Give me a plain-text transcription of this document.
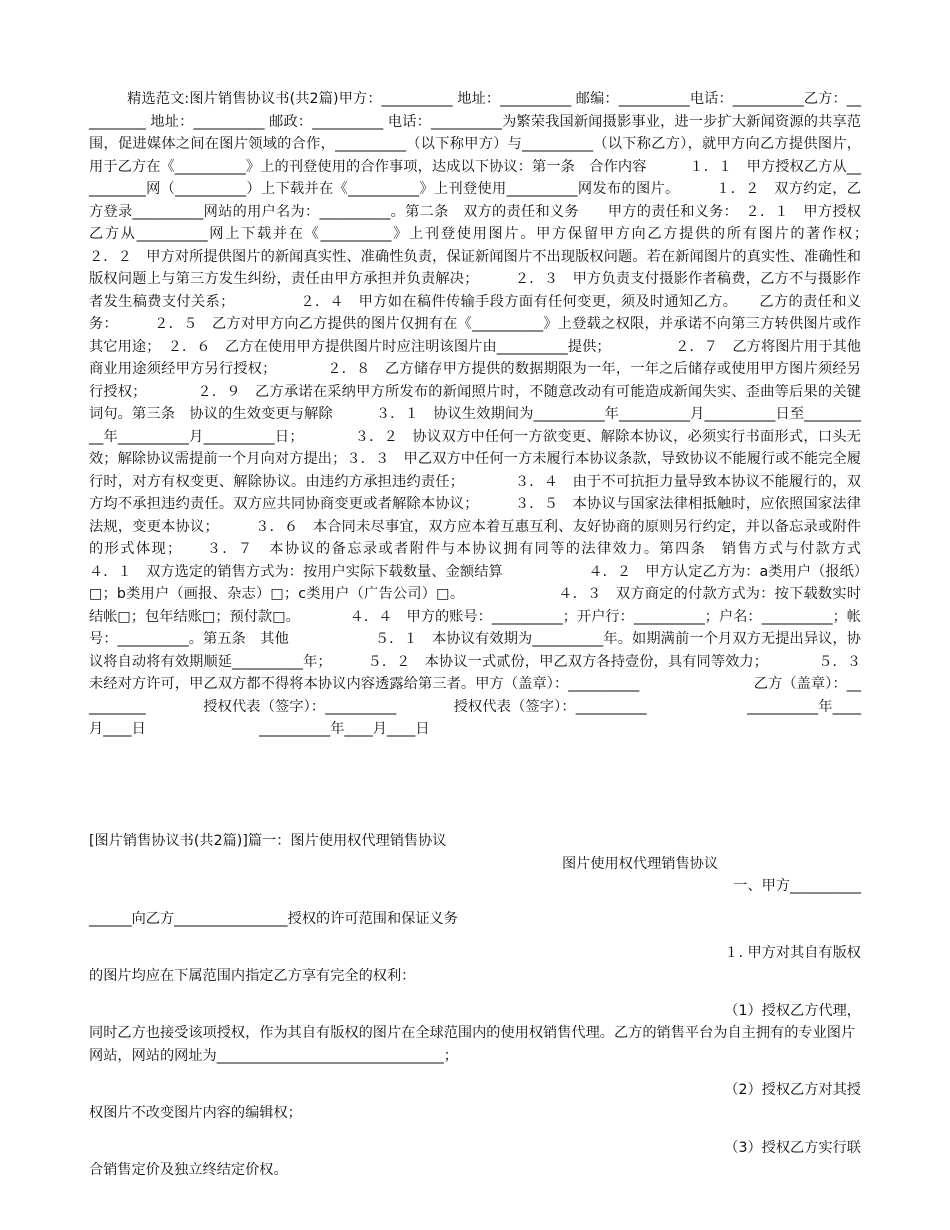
精选范文:图片销售协议书(共2篇)甲方：__________ 地址：__________ 邮编：__________电话：__________乙方：__________ 地址：__________ 邮政：__________ 电话：__________为繁荣我国新闻摄影事业，进一步扩大新闻资源的共享范围，促进媒体之间在图片领域的合作，__________（以下称甲方）与__________（以下称乙方），就甲方向乙方提供图片，用于乙方在《__________》上的刊登使用的合作事项，达成以下协议：第一条　合作内容　　　１．１　甲方授权乙方从__________网（__________）上下载并在《__________》上刊登使用__________网发布的图片。　　　１．２　双方约定，乙方登录__________网站的用户名为：__________。第二条　双方的责任和义务　　甲方的责任和义务：　２．１　甲方授权乙方从__________网上下载并在《__________》上刊登使用图片。甲方保留甲方向乙方提供的所有图片的著作权；　　　２．２　甲方对所提供图片的新闻真实性、准确性负责，保证新闻图片不出现版权问题。若在新闻图片的真实性、准确性和版权问题上与第三方发生纠纷，责任由甲方承担并负责解决；　　　２．３　甲方负责支付摄影作者稿费，乙方不与摄影作者发生稿费支付关系；　　　　　２．４　甲方如在稿件传输手段方面有任何变更，须及时通知乙方。　　乙方的责任和义务：　　　２．５　乙方对甲方向乙方提供的图片仅拥有在《__________》上登载之权限，并承诺不向第三方转供图片或作其它用途；　２．６　乙方在使用甲方提供图片时应注明该图片由__________提供；　　　　　２．７　乙方将图片用于其他商业用途须经甲方另行授权；　　　　２．８　乙方储存甲方提供的数据期限为一年，一年之后储存或使用甲方图片须经另行授权；　　　　２．９　乙方承诺在采纳甲方所发布的新闻照片时，不随意改动有可能造成新闻失实、歪曲等后果的关键词句。第三条　协议的生效变更与解除　　　３．１　协议生效期间为__________年__________月__________日至__________年__________月__________日；　　　　３．２　协议双方中任何一方欲变更、解除本协议，必须实行书面形式，口头无效；解除协议需提前一个月向对方提出；３．３　甲乙双方中任何一方未履行本协议条款，导致协议不能履行或不能完全履行时，对方有权变更、解除协议。由违约方承担违约责任；　　　　３．４　由于不可抗拒力量导致本协议不能履行的，双方均不承担违约责任。双方应共同协商变更或者解除本协议；　　　３．５　本协议与国家法律相抵触时，应依照国家法律法规，变更本协议；　　　３．６　本合同未尽事宜，双方应本着互惠互利、友好协商的原则另行约定，并以备忘录或附件的形式体现；　　３．７　本协议的备忘录或者附件与本协议拥有同等的法律效力。第四条　销售方式与付款方式　　　４．１　双方选定的销售方式为：按用户实际下载数量、金额结算　　　　　　４．２　甲方认定乙方为：a类用户（报纸）□；b类用户（画报、杂志）□；c类用户（广告公司）□。　　　　　　　４．３　双方商定的付款方式为：按下载数实时结帐□；包年结账□；预付款□。　　　　４．４　甲方的账号：__________；开户行：__________；户名：__________；帐号：__________。第五条　其他　　　　　　５．１　本协议有效期为__________年。如期满前一个月双方无提出异议，协议将自动将有效期顺延__________年；　　　５．２　本协议一式贰份，甲乙双方各持壹份，具有同等效力；　　　　５．３　未经对方许可，甲乙双方都不得将本协议内容透露给第三者。甲方（盖章）：__________　　　　　　　　乙方（盖章）：__________　　　　授权代表（签字）：__________　　　　授权代表（签字）：__________　　　　　　　__________年____月____日　　　　　　　　__________年____月____日

[图片销售协议书(共2篇)]篇一：图片使用权代理销售协议

图片使用权代理销售协议

一、甲方__________

______向乙方________________授权的许可范围和保证义务

１. 甲方对其自有版权

的图片均应在下属范围内指定乙方享有完全的权利：

（1）授权乙方代理，

同时乙方也接受该项授权，作为其自有版权的图片在全球范围内的使用权销售代理。乙方的销售平台为自主拥有的专业图片网站，网站的网址为________________________________；

（2）授权乙方对其授

权图片不改变图片内容的编辑权；

（3）授权乙方实行联

合销售定价及独立终结定价权。
